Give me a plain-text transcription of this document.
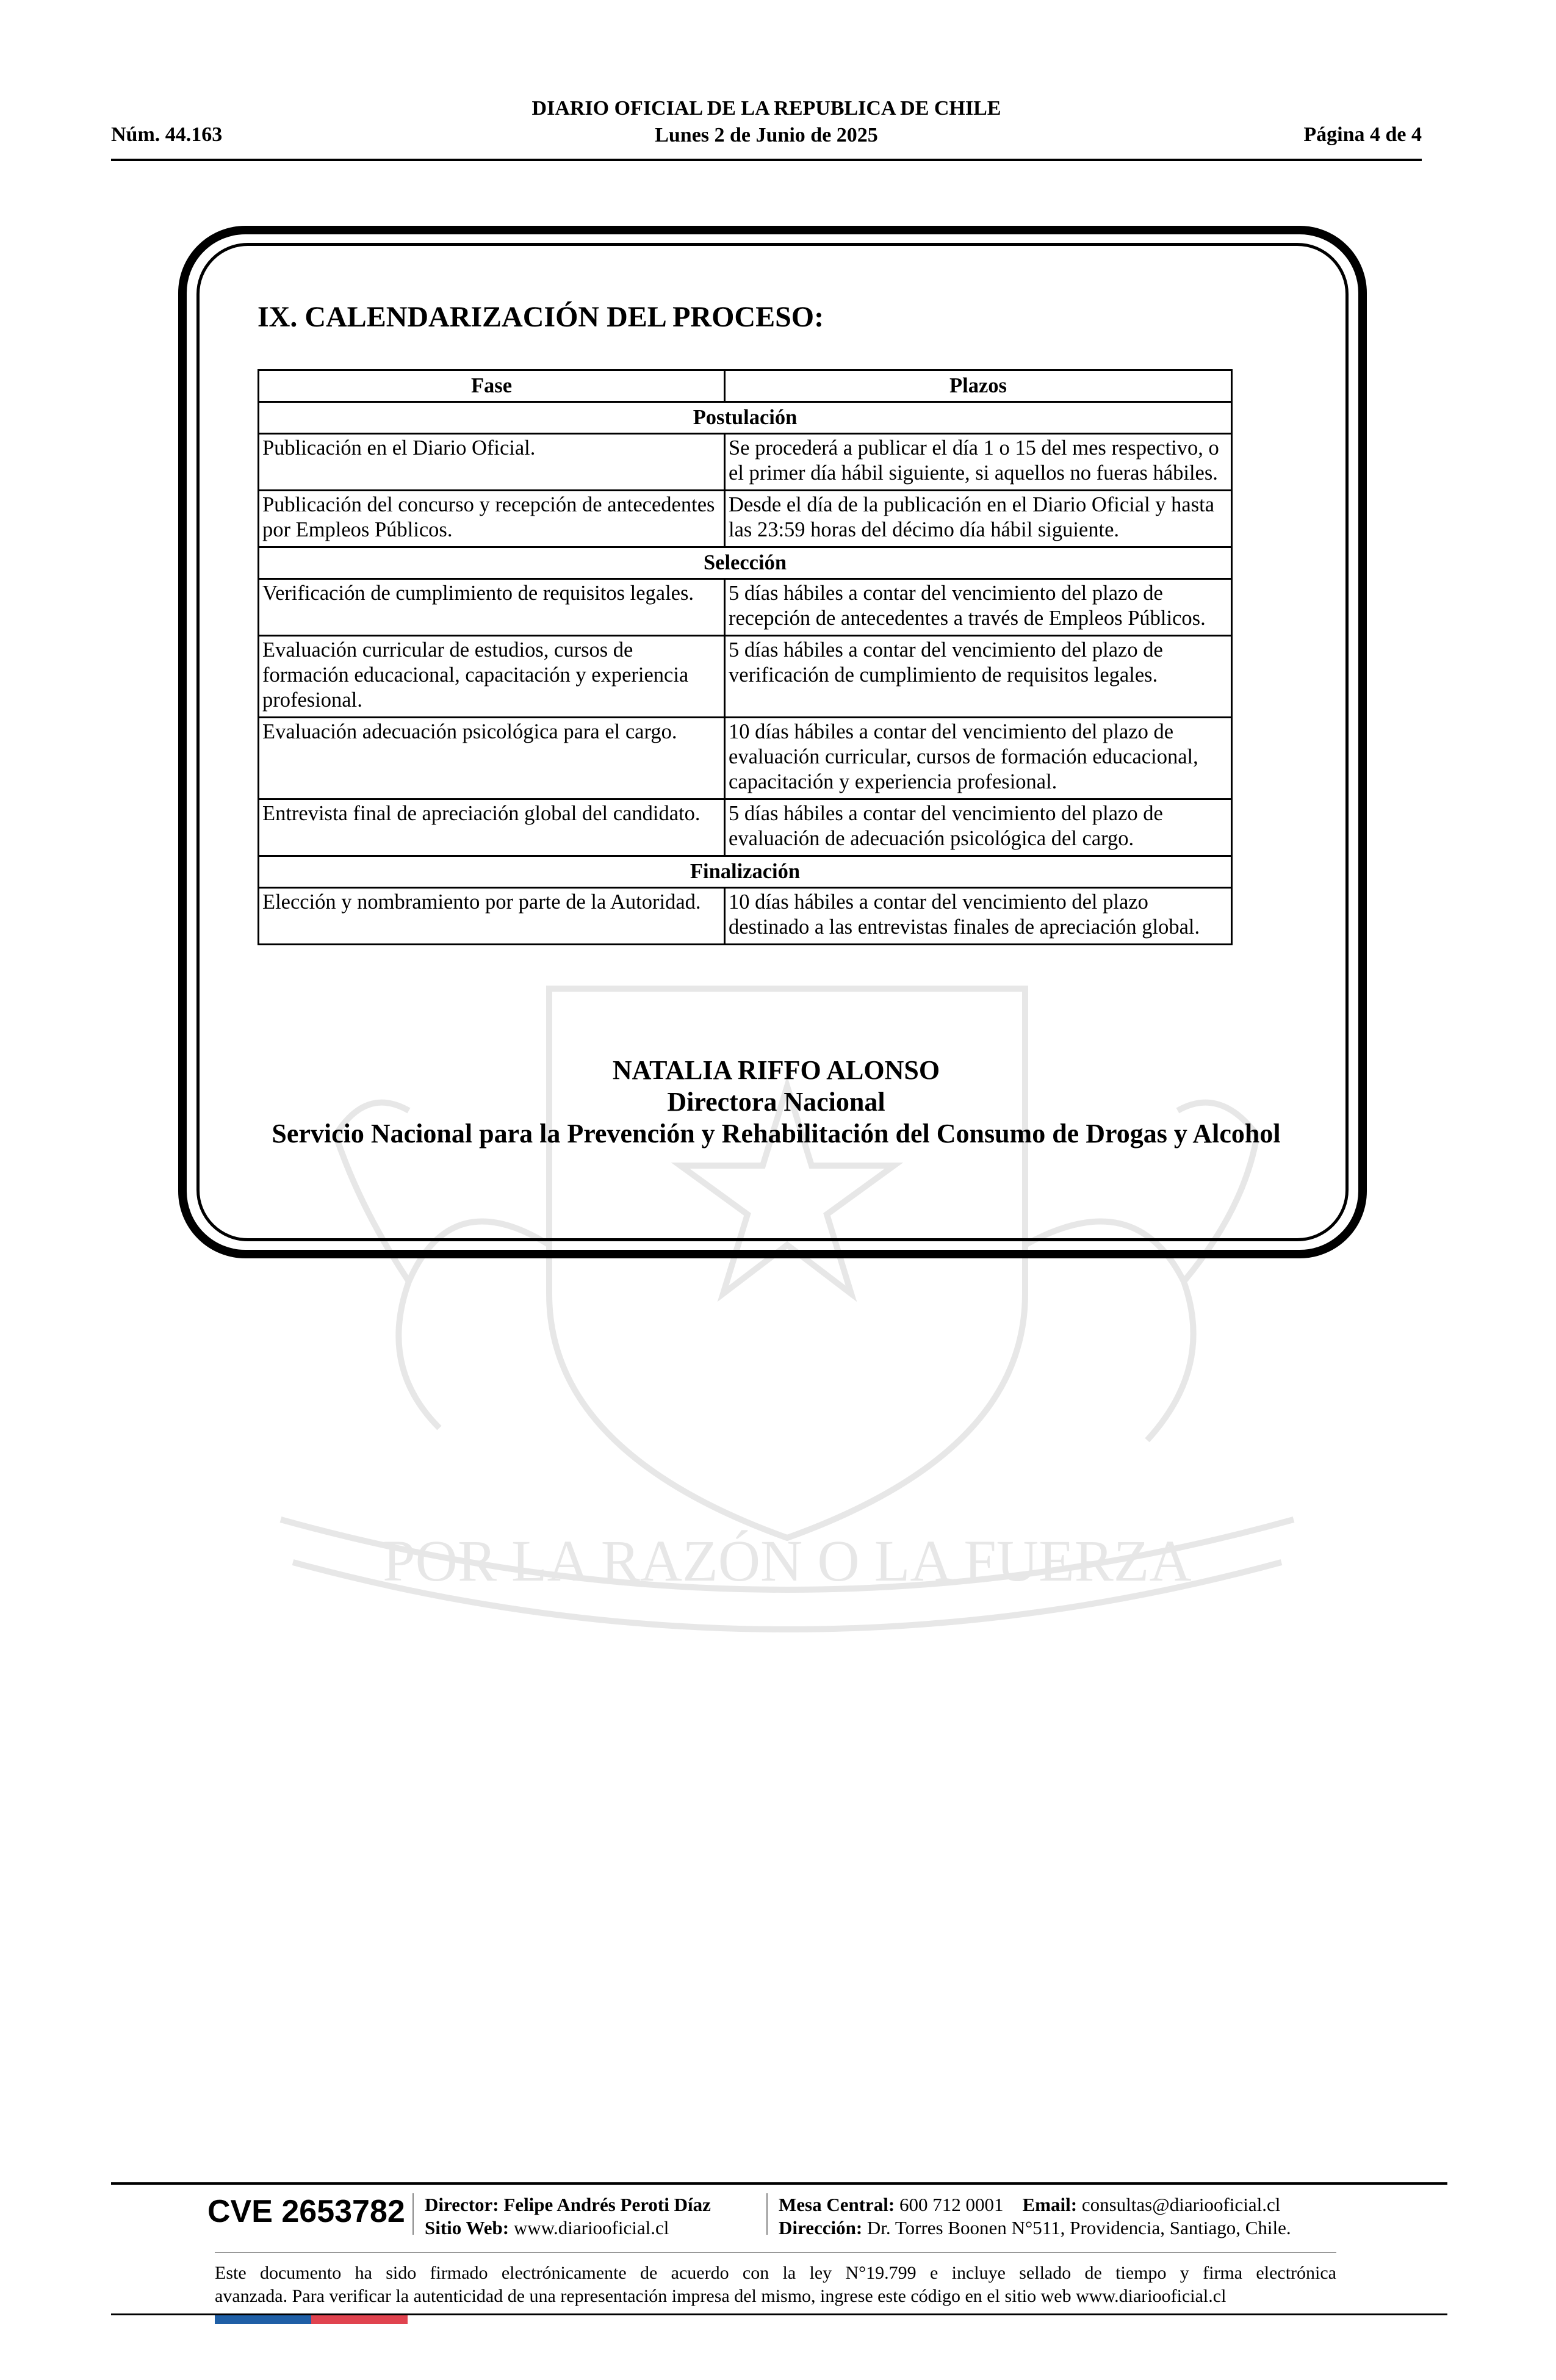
Núm. 44.163
DIARIO OFICIAL DE LA REPUBLICA DE CHILE
Lunes 2 de Junio de 2025	Página 4 de 4
POR LA RAZÓN O LA FUERZA
IX. CALENDARIZACIÓN DEL PROCESO:
Fase	Plazos
Postulación	
Publicación en el Diario Oficial.	Se procederá a publicar el día 1 o 15 del mes respectivo, o el primer día hábil siguiente, si aquellos no fueras hábiles.
Publicación del concurso y recepción de antecedentes por Empleos Públicos.	Desde el día de la publicación en el Diario Oficial y hasta las 23:59 horas del décimo día hábil siguiente.
Selección	
Verificación de cumplimiento de requisitos legales.	5 días hábiles a contar del vencimiento del plazo de recepción de antecedentes a través de Empleos Públicos.
Evaluación curricular de estudios, cursos de formación educacional, capacitación y experiencia profesional.	5 días hábiles a contar del vencimiento del plazo de verificación de cumplimiento de requisitos legales.
Evaluación adecuación psicológica para el cargo.	10 días hábiles a contar del vencimiento del plazo de evaluación curricular, cursos de formación educacional, capacitación y experiencia profesional.
Entrevista final de apreciación global del candidato.	5 días hábiles a contar del vencimiento del plazo de evaluación de adecuación psicológica del cargo.
Finalización	
Elección y nombramiento por parte de la Autoridad.	10 días hábiles a contar del vencimiento del plazo destinado a las entrevistas finales de apreciación global.
NATALIA RIFFO ALONSO
Directora Nacional
Servicio Nacional para la Prevención y Rehabilitación del Consumo de Drogas y Alcohol
CVE 2653782 Director: Felipe Andrés Peroti Díaz
Sitio Web: www.diariooficial.cl
Mesa Central: 600 712 0001 Email: consultas@diariooficial.cl
Dirección: Dr. Torres Boonen N°511, Providencia, Santiago, Chile.
Este documento ha sido firmado electrónicamente de acuerdo con la ley N°19.799 e incluye sellado de tiempo y firma electrónica
avanzada. Para verificar la autenticidad de una representación impresa del mismo, ingrese este código en el sitio web www.diariooficial.cl
